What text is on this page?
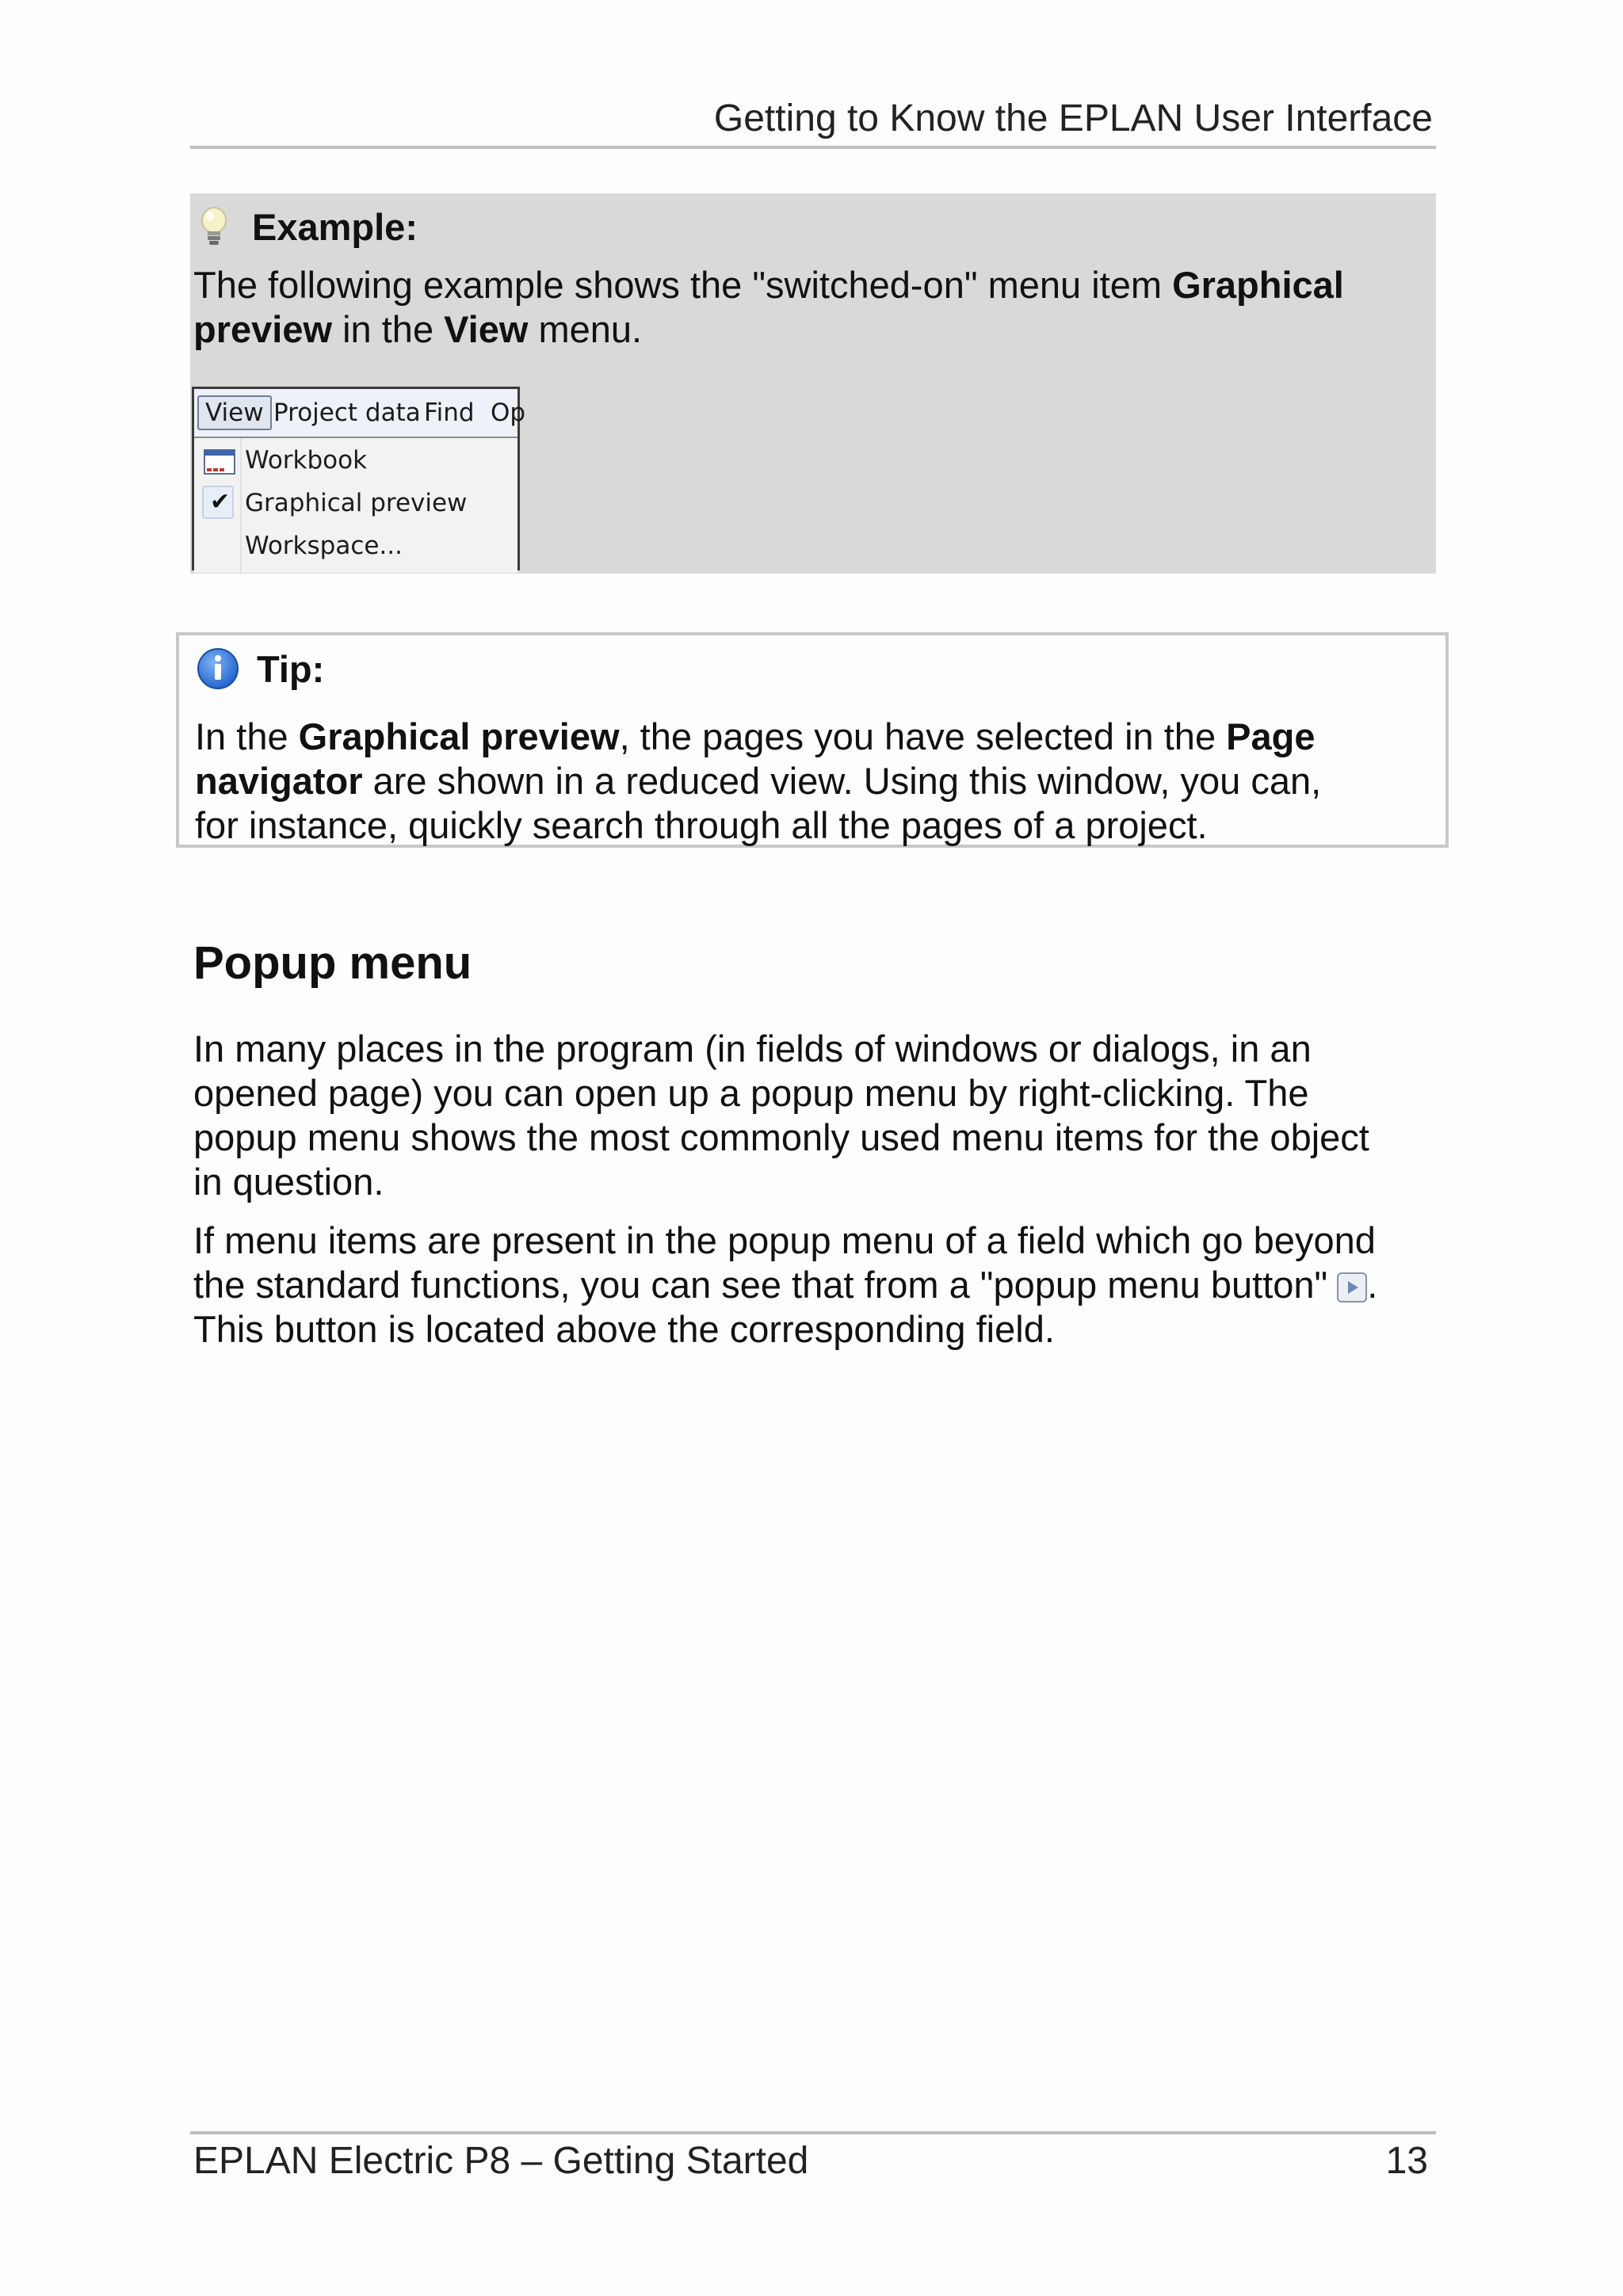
Getting to Know the EPLAN User Interface
Example:
The following example shows the "switched-on" menu item Graphical
preview in the View menu.
View Project data Find Op
Workbook
✔ Graphical preview
Workspace...
Tip:
In the Graphical preview, the pages you have selected in the Page
navigator are shown in a reduced view. Using this window, you can,
for instance, quickly search through all the pages of a project.
Popup menu
In many places in the program (in fields of windows or dialogs, in an
opened page) you can open up a popup menu by right-clicking. The
popup menu shows the most commonly used menu items for the object
in question.
If menu items are present in the popup menu of a field which go beyond
the standard functions, you can see that from a "popup menu button" .
This button is located above the corresponding field.
EPLAN Electric P8 – Getting Started	13
